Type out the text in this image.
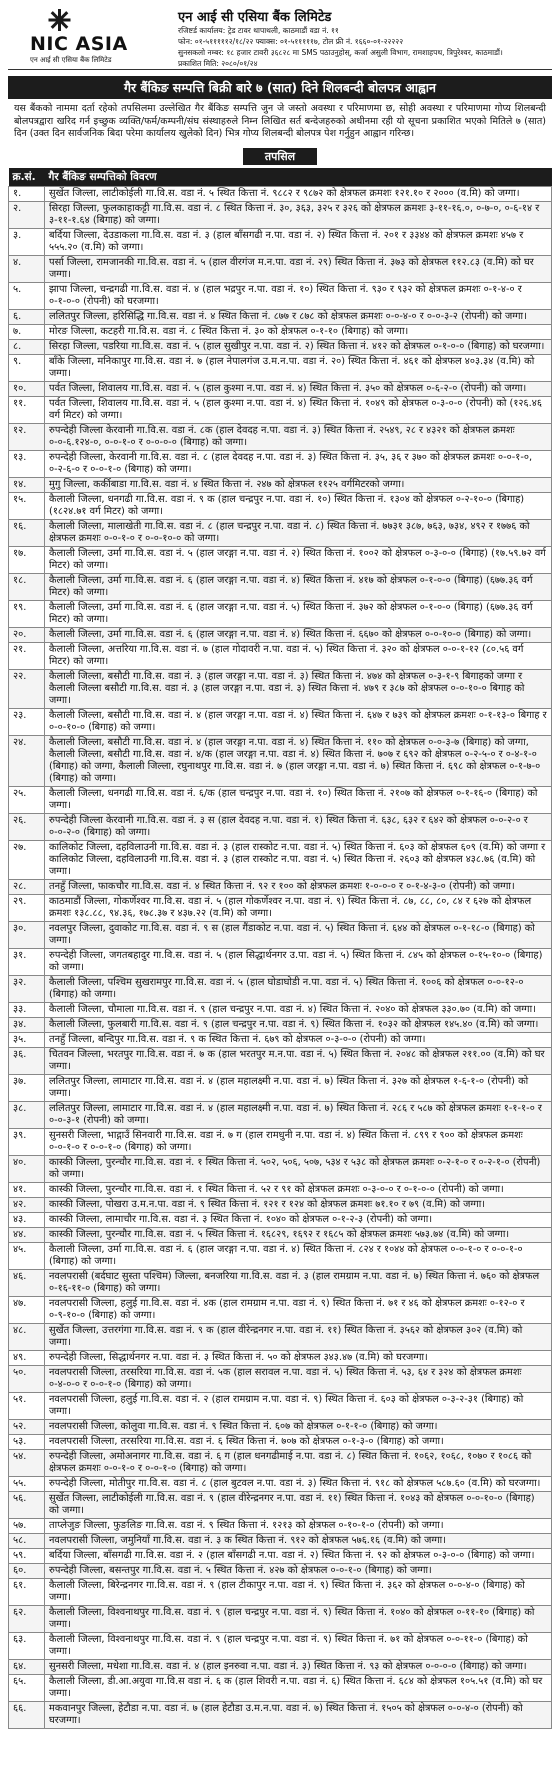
NIC ASIA
एन आई सी एसिया बैंक लिमिटेड
एन आई सी एसिया बैंक लिमिटेड
रजिष्टर्ड कार्यालय: ट्रेड टावर थापाथली, काठमाडौं वडा नं. ११
फोन: ०१-५१११११२/१८/२२ फ्याक्स: ०१-५१११११७, टोल फ्री नं. १६६०-०१-२२२२२
सुनसकलो नम्बर: १८ हजार टावरी ३६८२८ मा SMS पठाउनुहोस्, कर्जा असुली विभाग, रामशाहपथ, त्रिपुरेश्वर, काठमाडौं।
प्रकाशित मिति: २०८०/०१/२४
गैर बैंकिङ सम्पत्ति बिक्री बारे ७ (सात) दिने शिलबन्दी बोलपत्र आह्वान
यस बैंकको नाममा दर्ता रहेको तपसिलमा उल्लेखित गैर बैंकिङ सम्पत्ति जुन जे जस्तो अवस्था र परिमाणमा छ, सोही अवस्था र परिमाणमा गोप्य शिलबन्दी बोलपत्रद्वारा खरिद गर्न इच्छुक व्यक्ति/फर्म/कम्पनी/संघ संस्थाहरुले निम्न लिखित सर्त बन्देजहरुको अधीनमा रही यो सूचना प्रकाशित भएको मितिले ७ (सात) दिन (उक्त दिन सार्वजनिक बिदा परेमा कार्यालय खुलेको दिन) भित्र गोप्य शिलबन्दी बोलपत्र पेश गर्नुहुन आह्वान गरिन्छ।
तपसिल
क्र.सं.	गैर बैंकिङ सम्पत्तिको विवरण
१.	सुर्खेत जिल्ला, लाटीकोईली गा.वि.स. वडा नं. ५ स्थित कित्ता नं. ९८८२ र ९८७२ को क्षेत्रफल क्रमशः १२१.१० र २००० (व.मि) को जग्गा।
२.	सिरहा जिल्ला, फुलकाहाकट्टी गा.वि.स. वडा नं. ८ स्थित कित्ता नं. ३०, ३६३, ३२५ र ३२६ को क्षेत्रफल क्रमशः ३-११-१६.०, ०-७-०, ०-६-१४ र ३-११-१.६४ (बिगाह) को जग्गा।
३.	बर्दिया जिल्ला, देउडाकला गा.वि.स. वडा नं. ३ (हाल बाँसगढी न.पा. वडा नं. २) स्थित कित्ता नं. २०१ र ३३४४ को क्षेत्रफल क्रमशः ४५७ र ५५५.२० (व.मि) को जग्गा।
४.	पर्सा जिल्ला, रामजानकी गा.वि.स. वडा नं. ५ (हाल वीरगंज म.न.पा. वडा नं. २९) स्थित कित्ता नं. ३७३ को क्षेत्रफल ११२.८३ (व.मि) को घर जग्गा।
५.	झापा जिल्ला, चन्द्रगढी गा.वि.स. वडा नं. ४ (हाल भद्रपुर न.पा. वडा नं. १०) स्थित कित्ता नं. ९३० र ९३२ को क्षेत्रफल क्रमशः ०-१-४-० र ०-१-०-० (रोपनी) को घरजग्गा।
६.	ललितपुर जिल्ला, हरिसिद्धि गा.वि.स. वडा नं. ४ स्थित कित्ता नं. ८७७ र ८७८ को क्षेत्रफल क्रमशः ०-०-४-० र ०-०-३-२ (रोपनी) को जग्गा।
७.	मोरङ जिल्ला, कटहरी गा.वि.स. वडा नं. ८ स्थित कित्ता नं. ३० को क्षेत्रफल ०-१-१० (बिगाह) को जग्गा।
८.	सिरहा जिल्ला, पडरिया गा.वि.स. वडा नं. ५ (हाल सुखीपुर न.पा. वडा नं. २) स्थित कित्ता नं. ४१२ को क्षेत्रफल ०-१-०-० (बिगाह) को घरजग्गा।
९.	बाँके जिल्ला, मनिकापुर गा.वि.स. वडा नं. ७ (हाल नेपालगंज उ.म.न.पा. वडा नं. २०) स्थित कित्ता नं. ४६१ को क्षेत्रफल ४०३.३४ (व.मि) को जग्गा।
१०.	पर्वत जिल्ला, शिवालय गा.वि.स. वडा नं. ५ (हाल कुश्मा न.पा. वडा नं. ४) स्थित कित्ता नं. ३५० को क्षेत्रफल ०-६-२-० (रोपनी) को जग्गा।
११.	पर्वत जिल्ला, शिवालय गा.वि.स. वडा नं. ५ (हाल कुश्मा न.पा. वडा नं. ४) स्थित कित्ता नं. १०४९ को क्षेत्रफल ०-३-०-० (रोपनी) को (१२६.४६ वर्ग मिटर) को जग्गा।
१२.	रुपन्देही जिल्ला केरवानी गा.वि.स. वडा नं. ८क (हाल देवदह न.पा. वडा नं. ३) स्थित कित्ता नं. २५४९, २८ र ४३२१ को क्षेत्रफल क्रमशः ०-०-६.१२४-०, ०-०-१-० र ०-०-०-० (बिगाह) को जग्गा।
१३.	रुपन्देही जिल्ला, केरवानी गा.वि.स. वडा नं. ८ (हाल देवदह न.पा. वडा नं. ३) स्थित कित्ता नं. ३५, ३६ र ३७० को क्षेत्रफल क्रमशः ०-०-१-०, ०-२-६-० र ०-०-१-० (बिगाह) को जग्गा।
१४.	मुगु जिल्ला, कर्कीबाडा गा.वि.स. वडा नं. ४ स्थित कित्ता नं. २४७ को क्षेत्रफल ११२५ वर्गमिटरको जग्गा।
१५.	कैलाली जिल्ला, धनगढी गा.वि.स. वडा नं. ९ क (हाल चन्द्रपुर न.पा. वडा नं. १०) स्थित कित्ता नं. १३०४ को क्षेत्रफल ०-२-१०-० (बिगाह) (१८२४.७१ वर्ग मिटर) को जग्गा।
१६.	कैलाली जिल्ला, मालाखेती गा.वि.स. वडा नं. ८ (हाल चन्द्रपुर न.पा. वडा नं. ८) स्थित कित्ता नं. ७७३१ ३८७, ७६३, ७३४, ४९२ र १७७६ को क्षेत्रफल क्रमशः ०-०-१-० र ०-०-१०-० को जग्गा।
१७.	कैलाली जिल्ला, उर्मा गा.वि.स. वडा नं. ५ (हाल जरङ्गा न.पा. वडा नं. २) स्थित कित्ता नं. १००२ को क्षेत्रफल ०-३-०-० (बिगाह) (१७.५९.७२ वर्ग मिटर) को जग्गा।
१८.	कैलाली जिल्ला, उर्मा गा.वि.स. वडा नं. ६ (हाल जरङ्गा न.पा. वडा नं. ४) स्थित कित्ता नं. ४१७ को क्षेत्रफल ०-१-०-० (बिगाह) (६७७.३६ वर्ग मिटर) को जग्गा।
१९.	कैलाली जिल्ला, उर्मा गा.वि.स. वडा नं. ६ (हाल जरङ्गा न.पा. वडा नं. ५) स्थित कित्ता नं. ३७२ को क्षेत्रफल ०-१-०-० (बिगाह) (६७७.३६ वर्ग मिटर) को जग्गा।
२०.	कैलाली जिल्ला, उर्मा गा.वि.स. वडा नं. ६ (हाल जरङ्गा न.पा. वडा नं. ४) स्थित कित्ता नं. ६६७० को क्षेत्रफल ०-०-१०-० (बिगाह) को जग्गा।
२१.	कैलाली जिल्ला, अत्तरिया गा.वि.स. वडा नं. ७ (हाल गोदावरी न.पा. वडा नं. ५) स्थित कित्ता नं. ३२० को क्षेत्रफल ०-०-१-१२ (८०.५६ वर्ग मिटर) को जग्गा।
२२.	कैलाली जिल्ला, बसौटी गा.वि.स. वडा नं. ३ (हाल जरङ्गा न.पा. वडा नं. ३) स्थित कित्ता नं. ४७४ को क्षेत्रफल ०-३-१-९ बिगाहको जग्गा र कैलाली जिल्ला बसौटी गा.वि.स. वडा नं. ३ (हाल जरङ्गा न.पा. वडा नं. ३) स्थित कित्ता नं. ४७९ र ३८७ को क्षेत्रफल ०-०-१०-० बिगाह को जग्गा।
२३.	कैलाली जिल्ला, बसौटी गा.वि.स. वडा नं. ४ (हाल जरङ्गा न.पा. वडा नं. ४) स्थित कित्ता नं. ६४७ र ७३९ को क्षेत्रफल क्रमशः ०-१-१३-० बिगाह र ०-०-१०-० (बिगाह) को जग्गा।
२४.	कैलाली जिल्ला, बसौटी गा.वि.स. वडा नं. ४ (हाल जरङ्गा न.पा. वडा नं. ४) स्थित कित्ता नं. ११० को क्षेत्रफल ०-०-३-७ (बिगाह) को जग्गा, कैलाली जिल्ला, बसौटी गा.वि.स. वडा नं. ४/क (हाल जरङ्गा न.पा. वडा नं. ४) स्थित कित्ता नं. ७०७ र ६९२ को क्षेत्रफल ०-२-५-० र ०-४-१-० (बिगाह) को जग्गा, कैलाली जिल्ला, रघुनाथपुर गा.वि.स. वडा नं. ७ (हाल जरङ्गा न.पा. वडा नं. ७) स्थित कित्ता नं. ६९८ को क्षेत्रफल ०-१-७-० (बिगाह) को जग्गा।
२५.	कैलाली जिल्ला, धनगढी गा.वि.स. वडा नं. ६/क (हाल चन्द्रपुर न.पा. वडा नं. १०) स्थित कित्ता नं. २१०७ को क्षेत्रफल ०-१-१६-० (बिगाह) को जग्गा।
२६.	रुपन्देही जिल्ला केरवानी गा.वि.स. वडा नं. ३ स (हाल देवदह न.पा. वडा नं. १) स्थित कित्ता नं. ६३८, ६३२ र ६४२ को क्षेत्रफल ०-०-२-० र ०-०-२-० (बिगाह) को जग्गा।
२७.	कालिकोट जिल्ला, दहविलाउनी गा.वि.स. वडा नं. ३ (हाल रास्कोट न.पा. वडा नं. ५) स्थित कित्ता नं. ६०३ को क्षेत्रफल ६०९ (व.मि) को जग्गा र कालिकोट जिल्ला, दहविलाउनी गा.वि.स. वडा नं. ३ (हाल रास्कोट न.पा. वडा नं. ५) स्थित कित्ता नं. २६०३ को क्षेत्रफल ४३८.७६ (व.मि) को जग्गा।
२८.	तनहुँ जिल्ला, फाकचौर गा.वि.स. वडा नं. ४ स्थित कित्ता नं. ९२ र १०० को क्षेत्रफल क्रमशः १-०-०-० र ०-१-४-३-० (रोपनी) को जग्गा।
२९.	काठमाडौं जिल्ला, गोकर्णेश्वर गा.वि.स. वडा नं. ५ (हाल गोकर्णेश्वर न.पा. वडा नं. ९) स्थित कित्ता नं. ८७, ८८, ८०, ८४ र ६२७ को क्षेत्रफल क्रमशः १३८.८८, ९४.३६, १७८.३७ र ४३७.२२ (व.मि) को जग्गा।
३०.	नवलपुर जिल्ला, दुवाकोट गा.वि.स. वडा नं. ९ स (हाल गैंडाकोट न.पा. वडा नं. ५) स्थित कित्ता नं. ६४४ को क्षेत्रफल ०-१-१८-० (बिगाह) को जग्गा।
३१.	रुपन्देही जिल्ला, जगतबहादुर गा.वि.स. वडा नं. ५ (हाल सिद्धार्थनगर उ.पा. वडा नं. ५) स्थित कित्ता नं. ८४५ को क्षेत्रफल ०-१५-१०-० (बिगाह) को जग्गा।
३२.	कैलाली जिल्ला, पश्चिम सुखरामपुर गा.वि.स. वडा नं. ५ (हाल घोडाघोडी न.पा. वडा नं. ५) स्थित कित्ता नं. १००६ को क्षेत्रफल ०-०-१२-० (बिगाह) को जग्गा।
३३.	कैलाली जिल्ला, चौमाला गा.वि.स. वडा नं. ९ (हाल चन्द्रपुर न.पा. वडा नं. ४) स्थित कित्ता नं. २०४० को क्षेत्रफल ३३०.७० (व.मि) को जग्गा।
३४.	कैलाली जिल्ला, फुलबारी गा.वि.स. वडा नं. ९ (हाल चन्द्रपुर न.पा. वडा नं. ९) स्थित कित्ता नं. १०३२ को क्षेत्रफल १४५.४० (व.मि) को जग्गा।
३५.	तनहुँ जिल्ला, बन्दिपुर गा.वि.स. वडा नं. ९ क स्थित कित्ता नं. ६७९ को क्षेत्रफल ०-३-०-० (रोपनी) को जग्गा।
३६.	चितवन जिल्ला, भरतपुर गा.वि.स. वडा नं. ७ क (हाल भरतपुर म.न.पा. वडा नं. ५) स्थित कित्ता नं. २०४८ को क्षेत्रफल २११.०० (व.मि) को घर जग्गा।
३७.	ललितपुर जिल्ला, लामाटार गा.वि.स. वडा नं. ४ (हाल महालक्ष्मी न.पा. वडा नं. ७) स्थित कित्ता नं. ३२७ को क्षेत्रफल १-६-१-० (रोपनी) को जग्गा।
३८.	ललितपुर जिल्ला, लामाटार गा.वि.स. वडा नं. ४ (हाल महालक्ष्मी न.पा. वडा नं. ७) स्थित कित्ता नं. २८६ र ५८७ को क्षेत्रफल क्रमशः १-१-१-० र ०-०-३-१ (रोपनी) को जग्गा।
३९.	सुनसरी जिल्ला, भाद्गाउँ सिनवारी गा.वि.स. वडा नं. ७ ग (हाल रामधुनी न.पा. वडा नं. ४) स्थित कित्ता नं. ८९९ र ९०० को क्षेत्रफल क्रमशः ०-०-१-० र ०-०-१-० (बिगाह) को जग्गा।
४०.	कास्की जिल्ला, पुरन्चौर गा.वि.स. वडा नं. १ स्थित कित्ता नं. ५०२, ५०६, ५०७, ५३४ र ५३८ को क्षेत्रफल क्रमशः ०-२-१-० र ०-२-१-० (रोपनी) को जग्गा।
४१.	कास्की जिल्ला, पुरन्चौर गा.वि.स. वडा नं. १ स्थित कित्ता नं. ५२ र ९१ को क्षेत्रफल क्रमशः ०-३-०-० र ०-१-०-० (रोपनी) को जग्गा।
४२.	कास्की जिल्ला, पोखरा उ.म.न.पा. वडा नं. ९ स्थित कित्ता नं. १२१ र १२४ को क्षेत्रफल क्रमशः ७१.१० र ७९ (व.मि) को जग्गा।
४३.	कास्की जिल्ला, लामाचौर गा.वि.स. वडा नं. ३ स्थित कित्ता नं. १०४० को क्षेत्रफल ०-१-२-३ (रोपनी) को जग्गा।
४४.	कास्की जिल्ला, पुरन्चौर गा.वि.स. वडा नं. ५ स्थित कित्ता नं. १६८२९, १६९२ र १६८५ को क्षेत्रफल क्रमशः ५७३.७४ (व.मि) को जग्गा।
४५.	कैलाली जिल्ला, उर्मा गा.वि.स. वडा नं. ६ (हाल जरङ्गा न.पा. वडा नं. ४) स्थित कित्ता नं. ८२४ र १०४४ को क्षेत्रफल ०-०-१-० र ०-०-१-० (बिगाह) को जग्गा।
४६.	नवलपरासी (बर्दघाट सुस्ता पश्चिम) जिल्ला, बनजरिया गा.वि.स. वडा नं. ३ (हाल रामग्राम न.पा. वडा नं. ७) स्थित कित्ता नं. ७६० को क्षेत्रफल ०-१६-११-० (बिगाह) को जग्गा।
४७.	नवलपरासी जिल्ला, हलुई गा.वि.स. वडा नं. ४क (हाल रामग्राम न.पा. वडा नं. ९) स्थित कित्ता नं. ७१ र ४६ को क्षेत्रफल क्रमशः ०-१२-० र ०-९-१०-० (बिगाह) को जग्गा।
४८.	सुर्खेत जिल्ला, उत्तरगंगा गा.वि.स. वडा नं. ९ क (हाल वीरेन्द्रनगर न.पा. वडा नं. ११) स्थित कित्ता नं. ३५६२ को क्षेत्रफल ३०२ (व.मि) को जग्गा।
४९.	रुपन्देही जिल्ला, सिद्धार्थनगर न.पा. वडा नं. ३ स्थित कित्ता नं. ५० को क्षेत्रफल ३४३.४७ (व.मि) को घरजग्गा।
५०.	नवलपरासी जिल्ला, तरसरिया गा.वि.स. वडा नं. ५क (हाल सरावल न.पा. वडा नं. ५) स्थित कित्ता नं. ५३, ६४ र ३२४ को क्षेत्रफल क्रमशः ०-४-०-० र ०-०-१-० (बिगाह) को जग्गा।
५१.	नवलपरासी जिल्ला, हलुई गा.वि.स. वडा नं. २ (हाल रामग्राम न.पा. वडा नं. ९) स्थित कित्ता नं. ६०३ को क्षेत्रफल ०-३-२-३१ (बिगाह) को जग्गा।
५२.	नवलपरासी जिल्ला, कोलुवा गा.वि.स. वडा नं. ९ स्थित कित्ता नं. ६०७ को क्षेत्रफल ०-१-१-० (बिगाह) को जग्गा।
५३.	नवलपरासी जिल्ला, तरसरिया गा.वि.स. वडा नं. ६ स्थित कित्ता नं. ७०७ को क्षेत्रफल ०-१-३-० (बिगाह) को जग्गा।
५४.	रुपन्देही जिल्ला, अमोअनागर गा.वि.स. वडा नं. ६ ग (हाल धनगढीमाई न.पा. वडा नं. ८) स्थित कित्ता नं. १०६२, १०६८, १०७० र १०८६ को क्षेत्रफल क्रमशः ०-०-१-० र ०-०-१-० (बिगाह) को जग्गा।
५५.	रुपन्देही जिल्ला, मोतीपुर गा.वि.स. वडा नं. ८ (हाल बुटवल न.पा. वडा नं. ३) स्थित कित्ता नं. ९१८ को क्षेत्रफल ५८७.६० (व.मि) को घरजग्गा।
५६.	सुर्खेत जिल्ला, लाटीकोईली गा.वि.स. वडा नं. ९ (हाल वीरेन्द्रनगर न.पा. वडा नं. ११) स्थित कित्ता नं. १०४३ को क्षेत्रफल ०-०-१०-० (बिगाह) को जग्गा।
५७.	ताप्लेजुङ जिल्ला, फुङलिङ गा.वि.स. वडा नं. ९ स्थित कित्ता नं. १२१३ को क्षेत्रफल ०-१०-१-० (रोपनी) को जग्गा।
५८.	नवलपरासी जिल्ला, जमुनियाँ गा.वि.स. वडा नं. ३ क स्थित कित्ता नं. ९१२ को क्षेत्रफल ५७६.१६ (व.मि) को जग्गा।
५९.	बर्दिया जिल्ला, बाँसगढी गा.वि.स. वडा नं. २ (हाल बाँसगढी न.पा. वडा नं. २) स्थित कित्ता नं. ९२ को क्षेत्रफल ०-३-०-० (बिगाह) को जग्गा।
६०.	रुपन्देही जिल्ला, बसन्तपुर गा.वि.स. वडा नं. ५ स्थित कित्ता नं. ४२७ को क्षेत्रफल ०-०-१-० (बिगाह) को जग्गा।
६१.	कैलाली जिल्ला, बिरेन्द्रनगर गा.वि.स. वडा नं. ९ (हाल टीकापुर न.पा. वडा नं. ९) स्थित कित्ता नं. ३६२ को क्षेत्रफल ०-०-४-० (बिगाह) को जग्गा।
६२.	कैलाली जिल्ला, विश्वनाथपुर गा.वि.स. वडा नं. ९ (हाल चन्द्रपुर न.पा. वडा नं. ९) स्थित कित्ता नं. १०४० को क्षेत्रफल ०-११-१० (बिगाह) को जग्गा।
६३.	कैलाली जिल्ला, विश्वनाथपुर गा.वि.स. वडा नं. ९ (हाल चन्द्रपुर न.पा. वडा नं. ९) स्थित कित्ता नं. ७१ को क्षेत्रफल ०-०-११-० (बिगाह) को जग्गा।
६४.	सुनसरी जिल्ला, मधेशा गा.वि.स. वडा नं. ४ (हाल इनरुवा न.पा. वडा नं. ३) स्थित कित्ता नं. ९३ को क्षेत्रफल ०-०-०-० (बिगाह) को जग्गा।
६५.	कैलाली जिल्ला, डी.आ.अयुवा गा.वि.स वडा नं. ६ क (हाल शिवरी न.पा. वडा नं. ६) स्थित कित्ता नं. ६८४ को क्षेत्रफल १०५.५१ (व.मि) को घर जग्गा।
६६.	मकवानपुर जिल्ला, हेटौडा न.पा. वडा नं. ७ (हाल हेटौडा उ.म.न.पा. वडा नं. ७) स्थित कित्ता नं. १५०५ को क्षेत्रफल ०-०-४-० (रोपनी) को घरजग्गा।
